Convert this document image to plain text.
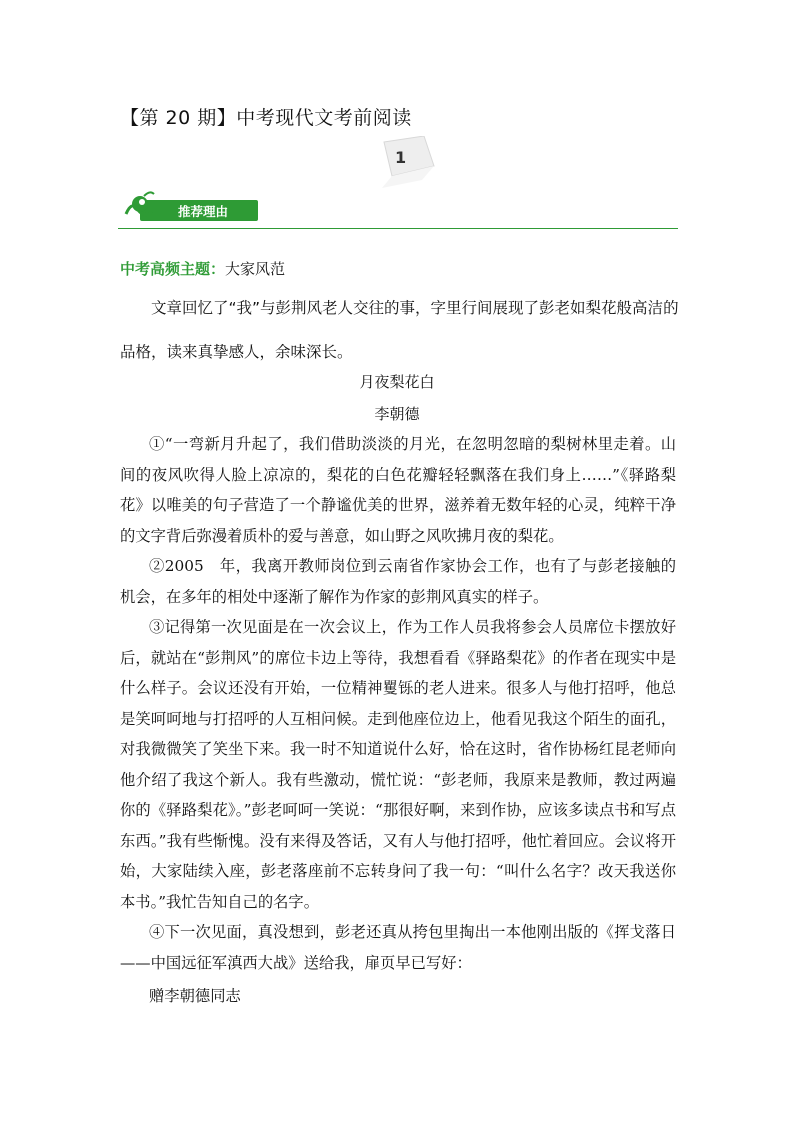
【第 20 期】中考现代文考前阅读
1
推荐理由
中考高频主题：大家风范
文章回忆了“我”与彭荆风老人交往的事，字里行间展现了彭老如梨花般高洁的品格，读来真挚感人，余味深长。
月夜梨花白
李朝德

①“一弯新月升起了，我们借助淡淡的月光，在忽明忽暗的梨树林里走着。山间的夜风吹得人脸上凉凉的，梨花的白色花瓣轻轻飘落在我们身上……”《驿路梨花》以唯美的句子营造了一个静谧优美的世界，滋养着无数年轻的心灵，纯粹干净的文字背后弥漫着质朴的爱与善意，如山野之风吹拂月夜的梨花。

②2005　年，我离开教师岗位到云南省作家协会工作，也有了与彭老接触的机会，在多年的相处中逐渐了解作为作家的彭荆风真实的样子。

③记得第一次见面是在一次会议上，作为工作人员我将参会人员席位卡摆放好后，就站在“彭荆风”的席位卡边上等待，我想看看《驿路梨花》的作者在现实中是什么样子。会议还没有开始，一位精神矍铄的老人进来。很多人与他打招呼，他总是笑呵呵地与打招呼的人互相问候。走到他座位边上，他看见我这个陌生的面孔，对我微微笑了笑坐下来。我一时不知道说什么好，恰在这时，省作协杨红昆老师向他介绍了我这个新人。我有些激动，慌忙说：“彭老师，我原来是教师，教过两遍你的《驿路梨花》。”彭老呵呵一笑说：“那很好啊，来到作协，应该多读点书和写点东西。”我有些惭愧。没有来得及答话，又有人与他打招呼，他忙着回应。会议将开始，大家陆续入座，彭老落座前不忘转身问了我一句：“叫什么名字？改天我送你本书。”我忙告知自己的名字。

④下一次见面，真没想到，彭老还真从挎包里掏出一本他刚出版的《挥戈落日——中国远征军滇西大战》送给我，扉页早已写好：

赠李朝德同志
